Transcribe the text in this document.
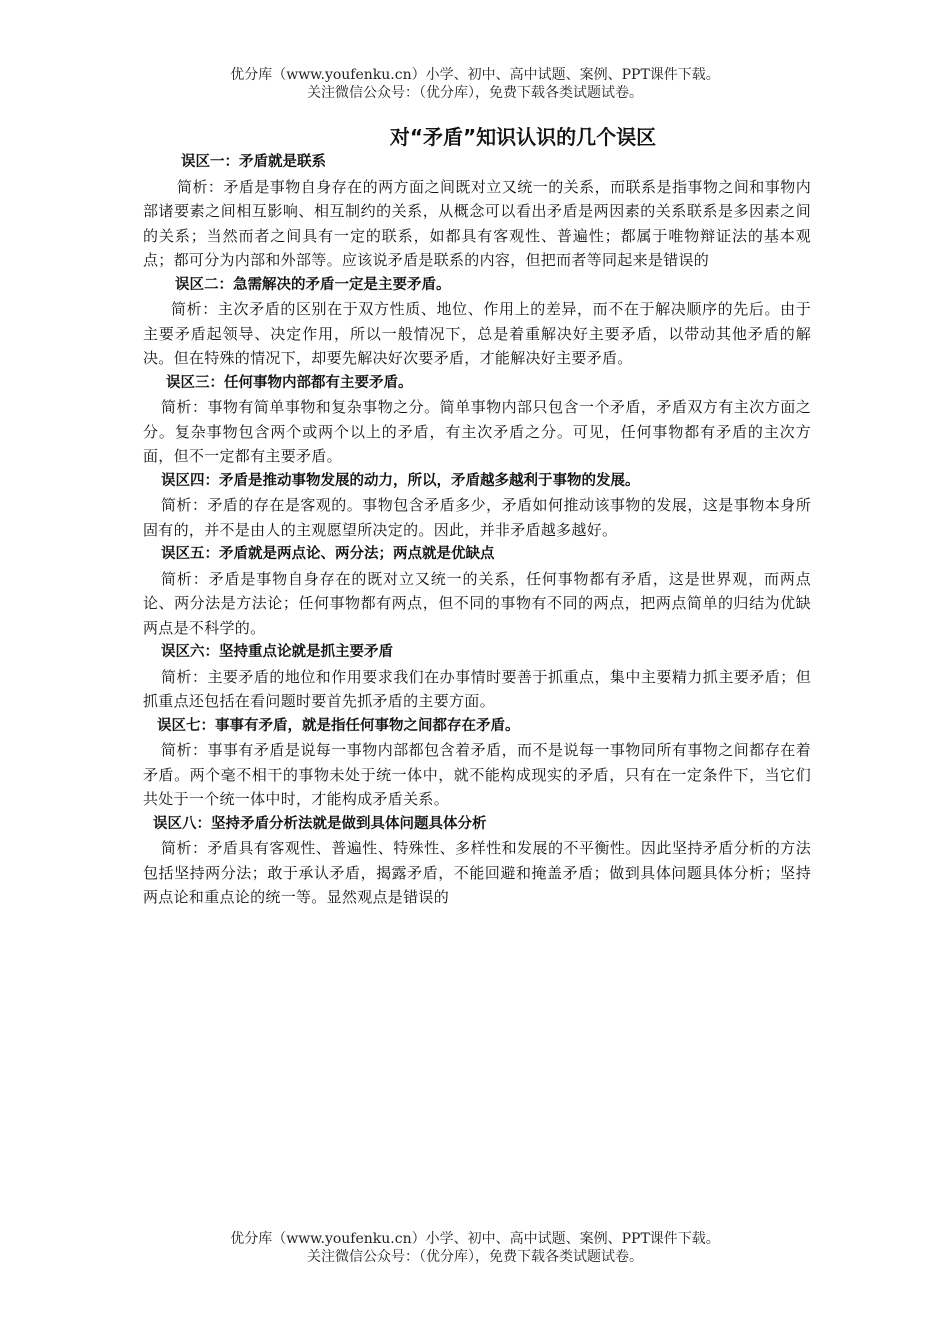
优分库（www.youfenku.cn）小学、初中、高中试题、案例、PPT课件下载。
关注微信公众号：（优分库），免费下载各类试题试卷。
对“矛盾”知识认识的几个误区
误区一：矛盾就是联系
简析：矛盾是事物自身存在的两方面之间既对立又统一的关系，而联系是指事物之间和事物内部诸要素之间相互影响、相互制约的关系，从概念可以看出矛盾是两因素的关系联系是多因素之间的关系；当然而者之间具有一定的联系，如都具有客观性、普遍性；都属于唯物辩证法的基本观点；都可分为内部和外部等。应该说矛盾是联系的内容，但把而者等同起来是错误的
误区二：急需解决的矛盾一定是主要矛盾。
简析：主次矛盾的区别在于双方性质、地位、作用上的差异，而不在于解决顺序的先后。由于主要矛盾起领导、决定作用，所以一般情况下，总是着重解决好主要矛盾，以带动其他矛盾的解决。但在特殊的情况下，却要先解决好次要矛盾，才能解决好主要矛盾。
误区三：任何事物内部都有主要矛盾。
简析：事物有简单事物和复杂事物之分。简单事物内部只包含一个矛盾，矛盾双方有主次方面之分。复杂事物包含两个或两个以上的矛盾，有主次矛盾之分。可见，任何事物都有矛盾的主次方面，但不一定都有主要矛盾。
误区四：矛盾是推动事物发展的动力，所以，矛盾越多越利于事物的发展。
简析：矛盾的存在是客观的。事物包含矛盾多少，矛盾如何推动该事物的发展，这是事物本身所固有的，并不是由人的主观愿望所决定的。因此，并非矛盾越多越好。
误区五：矛盾就是两点论、两分法；两点就是优缺点
简析：矛盾是事物自身存在的既对立又统一的关系，任何事物都有矛盾，这是世界观，而两点论、两分法是方法论；任何事物都有两点，但不同的事物有不同的两点，把两点简单的归结为优缺两点是不科学的。
误区六：坚持重点论就是抓主要矛盾
简析：主要矛盾的地位和作用要求我们在办事情时要善于抓重点，集中主要精力抓主要矛盾；但抓重点还包括在看问题时要首先抓矛盾的主要方面。
误区七：事事有矛盾，就是指任何事物之间都存在矛盾。
简析：事事有矛盾是说每一事物内部都包含着矛盾，而不是说每一事物同所有事物之间都存在着矛盾。两个毫不相干的事物未处于统一体中，就不能构成现实的矛盾，只有在一定条件下，当它们共处于一个统一体中时，才能构成矛盾关系。
误区八：坚持矛盾分析法就是做到具体问题具体分析
简析：矛盾具有客观性、普遍性、特殊性、多样性和发展的不平衡性。因此坚持矛盾分析的方法包括坚持两分法；敢于承认矛盾，揭露矛盾，不能回避和掩盖矛盾；做到具体问题具体分析；坚持两点论和重点论的统一等。显然观点是错误的
优分库（www.youfenku.cn）小学、初中、高中试题、案例、PPT课件下载。
关注微信公众号：（优分库），免费下载各类试题试卷。
